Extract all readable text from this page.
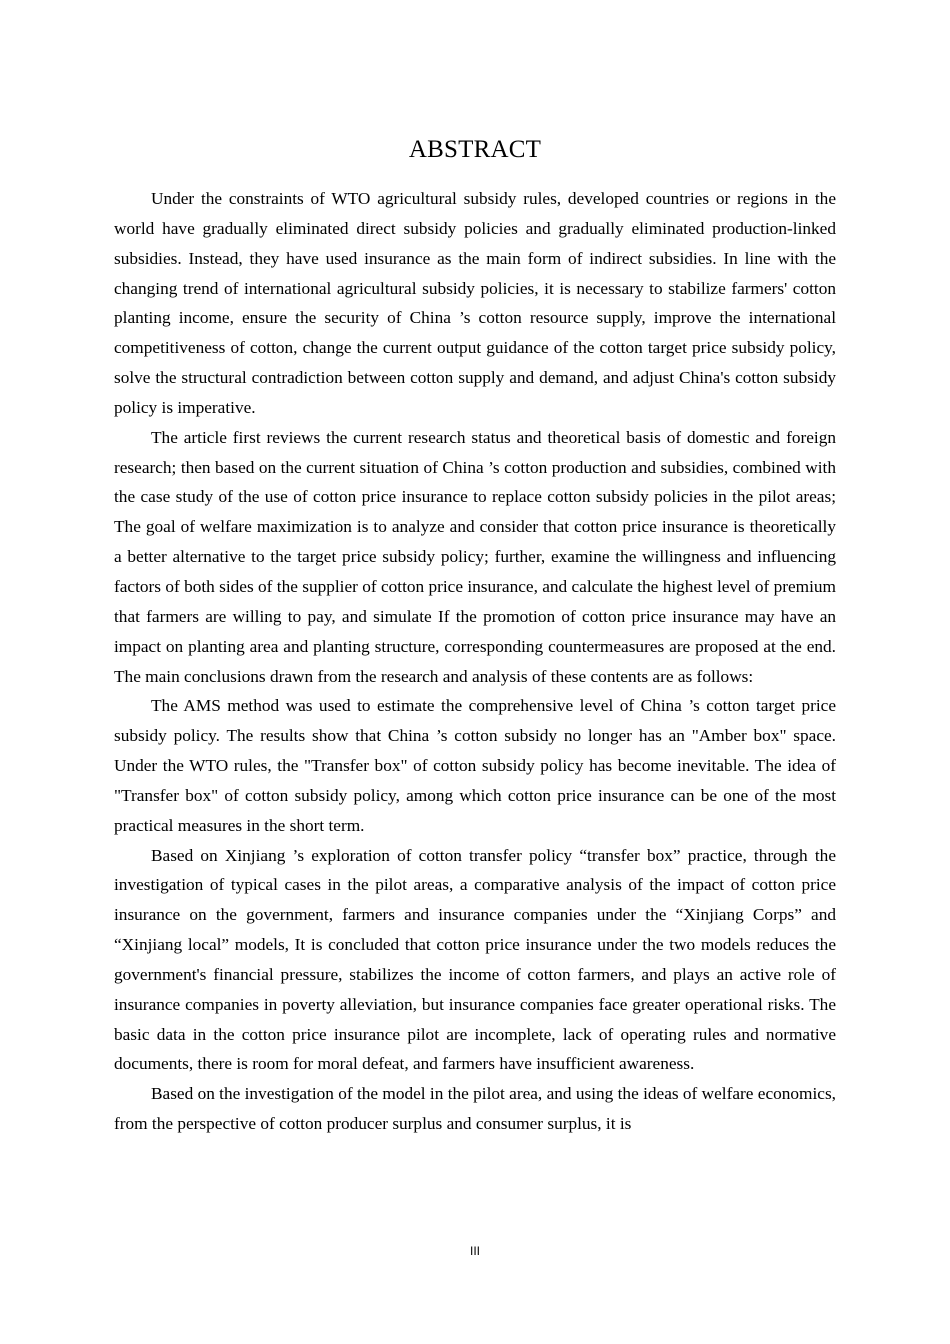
ABSTRACT

Under the constraints of WTO agricultural subsidy rules, developed countries or regions in the world have gradually eliminated direct subsidy policies and gradually eliminated production-linked subsidies. Instead, they have used insurance as the main form of indirect subsidies. In line with the changing trend of international agricultural subsidy policies, it is necessary to stabilize farmers' cotton planting income, ensure the security of China ’s cotton resource supply, improve the international competitiveness of cotton, change the current output guidance of the cotton target price subsidy policy, solve the structural contradiction between cotton supply and demand, and adjust China's cotton subsidy policy is imperative.

The article first reviews the current research status and theoretical basis of domestic and foreign research; then based on the current situation of China ’s cotton production and subsidies, combined with the case study of the use of cotton price insurance to replace cotton subsidy policies in the pilot areas; The goal of welfare maximization is to analyze and consider that cotton price insurance is theoretically a better alternative to the target price subsidy policy; further, examine the willingness and influencing factors of both sides of the supplier of cotton price insurance, and calculate the highest level of premium that farmers are willing to pay, and simulate If the promotion of cotton price insurance may have an impact on planting area and planting structure, corresponding countermeasures are proposed at the end. The main conclusions drawn from the research and analysis of these contents are as follows:

The AMS method was used to estimate the comprehensive level of China ’s cotton target price subsidy policy. The results show that China ’s cotton subsidy no longer has an "Amber box" space. Under the WTO rules, the "Transfer box" of cotton subsidy policy has become inevitable. The idea of "Transfer box" of cotton subsidy policy, among which cotton price insurance can be one of the most practical measures in the short term.

Based on Xinjiang ’s exploration of cotton transfer policy “transfer box” practice, through the investigation of typical cases in the pilot areas, a comparative analysis of the impact of cotton price insurance on the government, farmers and insurance companies under the “Xinjiang Corps” and “Xinjiang local” models, It is concluded that cotton price insurance under the two models reduces the government's financial pressure, stabilizes the income of cotton farmers, and plays an active role of insurance companies in poverty alleviation, but insurance companies face greater operational risks. The basic data in the cotton price insurance pilot are incomplete, lack of operating rules and normative documents, there is room for moral defeat, and farmers have insufficient awareness.

Based on the investigation of the model in the pilot area, and using the ideas of welfare economics, from the perspective of cotton producer surplus and consumer surplus, it is

III
